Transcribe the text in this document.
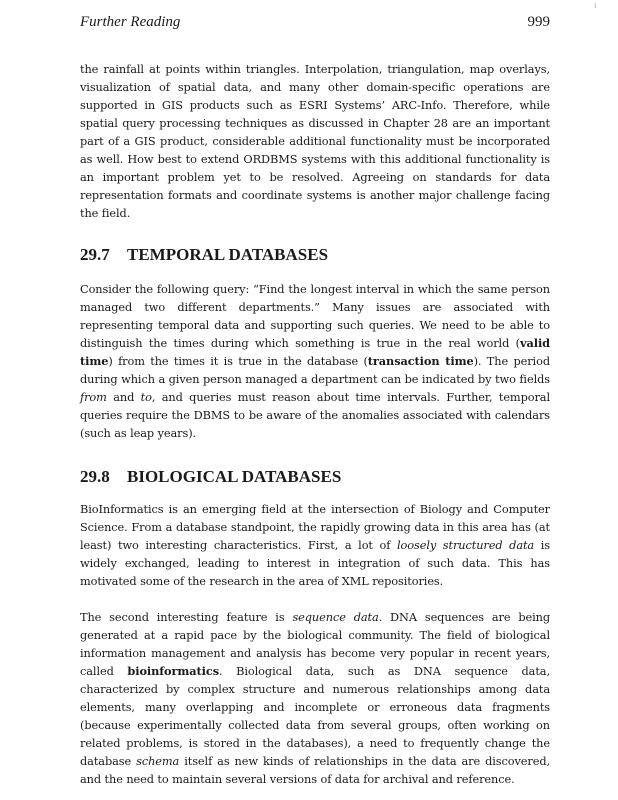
Further Reading	999
ℹ

the rainfall at points within triangles. Interpolation, triangulation, map overlays, visualization of spatial data, and many other domain-specific operations are supported in GIS products such as ESRI Systems’ ARC-Info. Therefore, while spatial query processing techniques as discussed in Chapter 28 are an important part of a GIS product, considerable additional functionality must be incorporated as well. How best to extend ORDBMS systems with this additional functionality is an important problem yet to be resolved. Agreeing on standards for data representation formats and coordinate systems is another major challenge facing the field.

29.7	TEMPORAL DATABASES

Consider the following query: “Find the longest interval in which the same person managed two different departments.” Many issues are associated with representing temporal data and supporting such queries. We need to be able to distinguish the times during which something is true in the real world (valid time) from the times it is true in the database (transaction time). The period during which a given person managed a department can be indicated by two fields from and to, and queries must reason about time intervals. Further, temporal queries require the DBMS to be aware of the anomalies associated with calendars (such as leap years).

29.8	BIOLOGICAL DATABASES

BioInformatics is an emerging field at the intersection of Biology and Computer Science. From a database standpoint, the rapidly growing data in this area has (at least) two interesting characteristics. First, a lot of loosely structured data is widely exchanged, leading to interest in integration of such data. This has motivated some of the research in the area of XML repositories.

The second interesting feature is sequence data. DNA sequences are being generated at a rapid pace by the biological community. The field of biological information management and analysis has become very popular in recent years, called bioinformatics. Biological data, such as DNA sequence data, characterized by complex structure and numerous relationships among data elements, many overlapping and incomplete or erroneous data fragments (because experimentally collected data from several groups, often working on related problems, is stored in the databases), a need to frequently change the database schema itself as new kinds of relationships in the data are discovered, and the need to maintain several versions of data for archival and reference.
